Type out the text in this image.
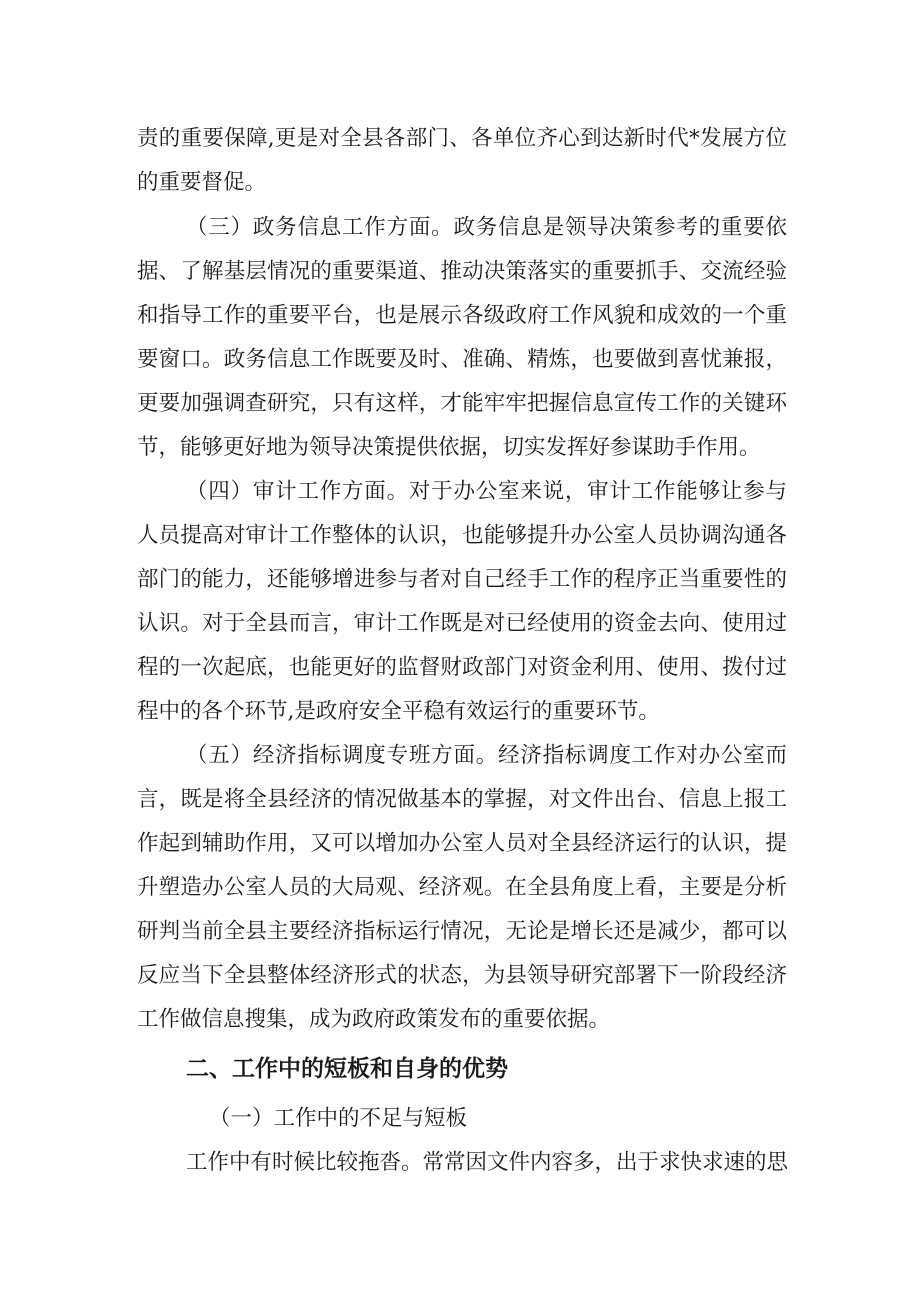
责的重要保障,更是对全县各部门、各单位齐心到达新时代*发展方位
的重要督促。
（三）政务信息工作方面。政务信息是领导决策参考的重要依
据、了解基层情况的重要渠道、推动决策落实的重要抓手、交流经验
和指导工作的重要平台，也是展示各级政府工作风貌和成效的一个重
要窗口。政务信息工作既要及时、准确、精炼，也要做到喜忧兼报，
更要加强调查研究，只有这样，才能牢牢把握信息宣传工作的关键环
节，能够更好地为领导决策提供依据，切实发挥好参谋助手作用。
（四）审计工作方面。对于办公室来说，审计工作能够让参与
人员提高对审计工作整体的认识，也能够提升办公室人员协调沟通各
部门的能力，还能够增进参与者对自己经手工作的程序正当重要性的
认识。对于全县而言，审计工作既是对已经使用的资金去向、使用过
程的一次起底，也能更好的监督财政部门对资金利用、使用、拨付过
程中的各个环节,是政府安全平稳有效运行的重要环节。
（五）经济指标调度专班方面。经济指标调度工作对办公室而
言，既是将全县经济的情况做基本的掌握，对文件出台、信息上报工
作起到辅助作用，又可以增加办公室人员对全县经济运行的认识，提
升塑造办公室人员的大局观、经济观。在全县角度上看，主要是分析
研判当前全县主要经济指标运行情况，无论是增长还是减少，都可以
反应当下全县整体经济形式的状态，为县领导研究部署下一阶段经济
工作做信息搜集，成为政府政策发布的重要依据。
二、工作中的短板和自身的优势
（一）工作中的不足与短板
工作中有时候比较拖沓。常常因文件内容多，出于求快求速的思
